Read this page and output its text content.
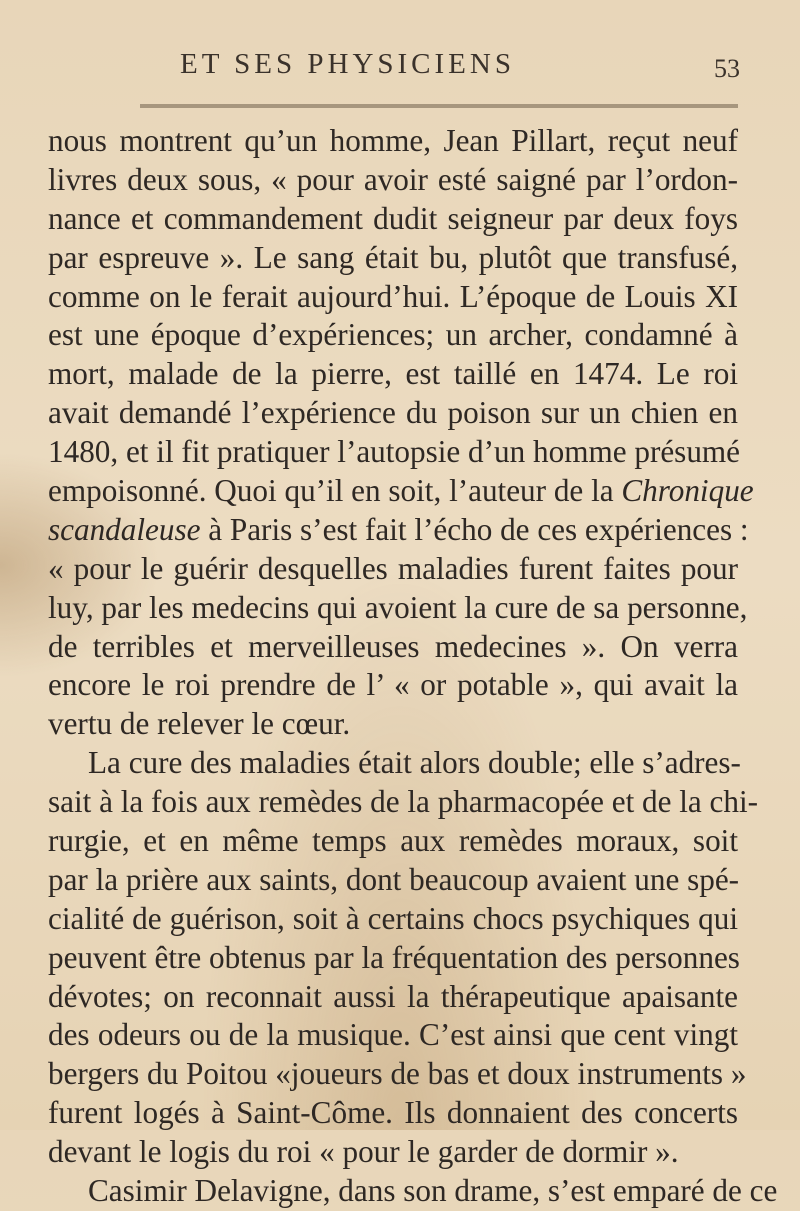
ET SES PHYSICIENS	53
nous montrent qu’un homme, Jean Pillart, reçut neuf
livres deux sous, « pour avoir esté saigné par l’ordon-
nance et commandement dudit seigneur par deux foys
par espreuve ». Le sang était bu, plutôt que transfusé,
comme on le ferait aujourd’hui. L’époque de Louis XI
est une époque d’expériences; un archer, condamné à
mort, malade de la pierre, est taillé en 1474. Le roi
avait demandé l’expérience du poison sur un chien en
1480, et il fit pratiquer l’autopsie d’un homme présumé
empoisonné. Quoi qu’il en soit, l’auteur de la Chronique
scandaleuse à Paris s’est fait l’écho de ces expériences :
« pour le guérir desquelles maladies furent faites pour
luy, par les medecins qui avoient la cure de sa personne,
de terribles et merveilleuses medecines ». On verra
encore le roi prendre de l’ « or potable », qui avait la
vertu de relever le cœur.
La cure des maladies était alors double; elle s’adres-
sait à la fois aux remèdes de la pharmacopée et de la chi-
rurgie, et en même temps aux remèdes moraux, soit
par la prière aux saints, dont beaucoup avaient une spé-
cialité de guérison, soit à certains chocs psychiques qui
peuvent être obtenus par la fréquentation des personnes
dévotes; on reconnait aussi la thérapeutique apaisante
des odeurs ou de la musique. C’est ainsi que cent vingt
bergers du Poitou «joueurs de bas et doux instruments »
furent logés à Saint-Côme. Ils donnaient des concerts
devant le logis du roi « pour le garder de dormir ».
Casimir Delavigne, dans son drame, s’est emparé de ce
